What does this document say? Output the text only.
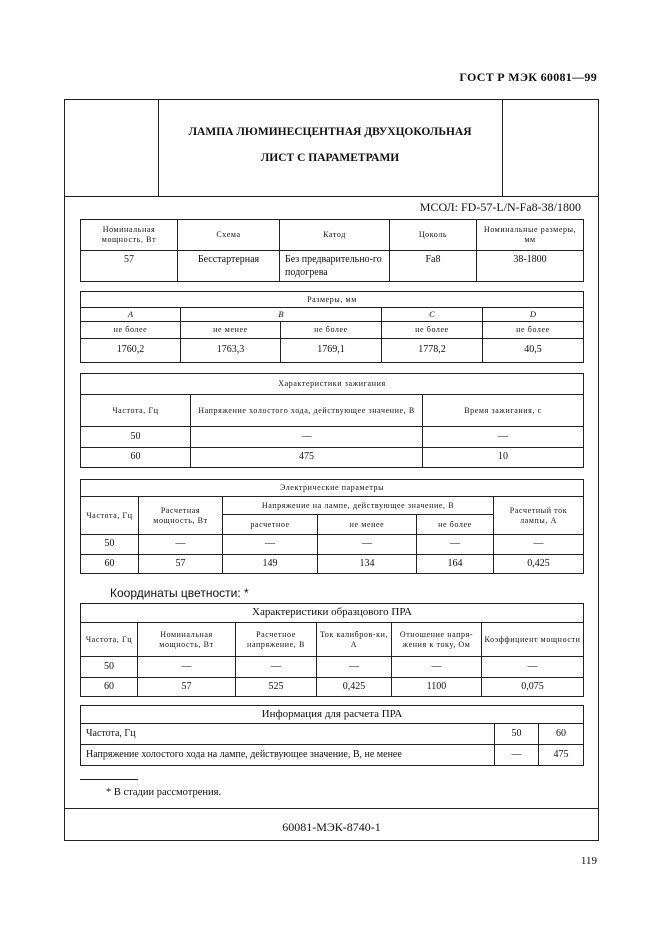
ГОСТ Р МЭК 60081—99
ЛАМПА ЛЮМИНЕСЦЕНТНАЯ ДВУХЦОКОЛЬНАЯ
ЛИСТ С ПАРАМЕТРАМИ
МСОЛ: FD-57-L/N-Fa8-38/1800
Номинальная мощность, Вт	Схема	Катод	Цоколь	Номинальные размеры, мм
57	Бесстартерная	Без предварительно-го подогрева	Fa8	38-1800
Размеры, мм				
A	B		C	D
не более	не менее	не более	не более	не более
1760,2	1763,3	1769,1	1778,2	40,5
Характеристики зажигания		
Частота, Гц	Напряжение холостого хода, действующее значение, В	Время зажигания, с
50	—	—
60	475	10
Электрические параметры					
Частота, Гц	Расчетная мощность, Вт	Напряжение на лампе, действующее значение, В			Расчетный ток лампы, А
		расчетное	не менее	не более	
50	—	—	—	—	—
60	57	149	134	164	0,425
Координаты цветности: *
Характеристики образцового ПРА					
Частота, Гц	Номинальная мощность, Вт	Расчетное напряжение, В	Ток калибров-ки, А	Отношение напря-жения к току, Ом	Коэффициент мощности
50	—	—	—	—	—
60	57	525	0,425	1100	0,075
Информация для расчета ПРА		
Частота, Гц	50	60
Напряжение холостого хода на лампе, действующее значение, В, не менее	—	475
* В стадии рассмотрения.
60081-МЭК-8740-1
119
